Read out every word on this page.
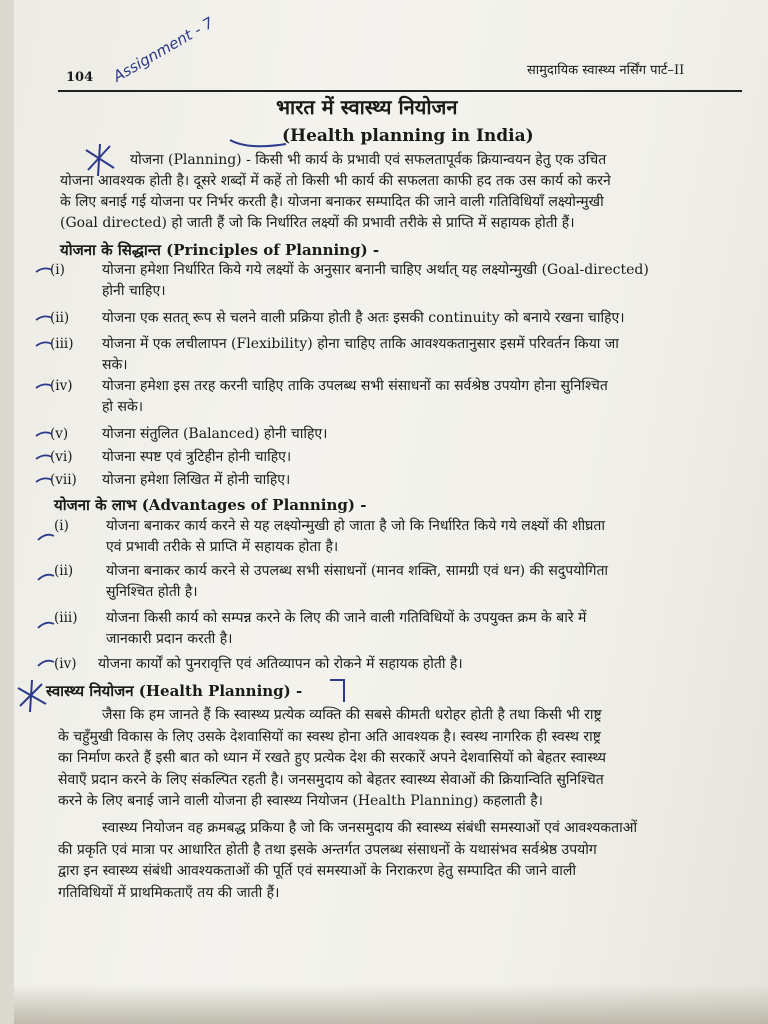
104	सामुदायिक स्वास्थ्य नर्सिंग पार्ट–II
Assignment - 7
भारत में स्वास्थ्य नियोजन
(Health planning in India)
योजना (Planning) - किसी भी कार्य के प्रभावी एवं सफलतापूर्वक क्रियान्वयन हेतु एक उचित
योजना आवश्यक होती है। दूसरे शब्दों में कहें तो किसी भी कार्य की सफलता काफी हद तक उस कार्य को करने
के लिए बनाई गई योजना पर निर्भर करती है। योजना बनाकर सम्पादित की जाने वाली गतिविधियाँ लक्ष्योन्मुखी
(Goal directed) हो जाती हैं जो कि निर्धारित लक्ष्यों की प्रभावी तरीके से प्राप्ति में सहायक होती हैं।
योजना के सिद्धान्त (Principles of Planning) -
(i)	योजना हमेशा निर्धारित किये गये लक्ष्यों के अनुसार बनानी चाहिए अर्थात् यह लक्ष्योन्मुखी (Goal-directed)
होनी चाहिए।
(ii)	योजना एक सतत् रूप से चलने वाली प्रक्रिया होती है अतः इसकी continuity को बनाये रखना चाहिए।
(iii)	योजना में एक लचीलापन (Flexibility) होना चाहिए ताकि आवश्यकतानुसार इसमें परिवर्तन किया जा
सके।
(iv)	योजना हमेशा इस तरह करनी चाहिए ताकि उपलब्ध सभी संसाधनों का सर्वश्रेष्ठ उपयोग होना सुनिश्चित
हो सके।
(v)	योजना संतुलित (Balanced) होनी चाहिए।
(vi)	योजना स्पष्ट एवं त्रुटिहीन होनी चाहिए।
(vii)	योजना हमेशा लिखित में होनी चाहिए।
योजना के लाभ (Advantages of Planning) -
(i)	योजना बनाकर कार्य करने से यह लक्ष्योन्मुखी हो जाता है जो कि निर्धारित किये गये लक्ष्यों की शीघ्रता
एवं प्रभावी तरीके से प्राप्ति में सहायक होता है।
(ii)	योजना बनाकर कार्य करने से उपलब्ध सभी संसाधनों (मानव शक्ति, सामग्री एवं धन) की सदुपयोगिता
सुनिश्चित होती है।
(iii)	योजना किसी कार्य को सम्पन्न करने के लिए की जाने वाली गतिविधियों के उपयुक्त क्रम के बारे में
जानकारी प्रदान करती है।
(iv)	योजना कार्यों को पुनरावृत्ति एवं अतिव्यापन को रोकने में सहायक होती है।
स्वास्थ्य नियोजन (Health Planning) -
जैसा कि हम जानते हैं कि स्वास्थ्य प्रत्येक व्यक्ति की सबसे कीमती धरोहर होती है तथा किसी भी राष्ट्र
के चहुँमुखी विकास के लिए उसके देशवासियों का स्वस्थ होना अति आवश्यक है। स्वस्थ नागरिक ही स्वस्थ राष्ट्र
का निर्माण करते हैं इसी बात को ध्यान में रखते हुए प्रत्येक देश की सरकारें अपने देशवासियों को बेहतर स्वास्थ्य
सेवाएँ प्रदान करने के लिए संकल्पित रहती है। जनसमुदाय को बेहतर स्वास्थ्य सेवाओं की क्रियान्विति सुनिश्चित
करने के लिए बनाई जाने वाली योजना ही स्वास्थ्य नियोजन (Health Planning) कहलाती है।
स्वास्थ्य नियोजन वह क्रमबद्ध प्रकिया है जो कि जनसमुदाय की स्वास्थ्य संबंधी समस्याओं एवं आवश्यकताओं
की प्रकृति एवं मात्रा पर आधारित होती है तथा इसके अन्तर्गत उपलब्ध संसाधनों के यथासंभव सर्वश्रेष्ठ उपयोग
द्वारा इन स्वास्थ्य संबंधी आवश्यकताओं की पूर्ति एवं समस्याओं के निराकरण हेतु सम्पादित की जाने वाली
गतिविधियों में प्राथमिकताएँ तय की जाती हैं।
